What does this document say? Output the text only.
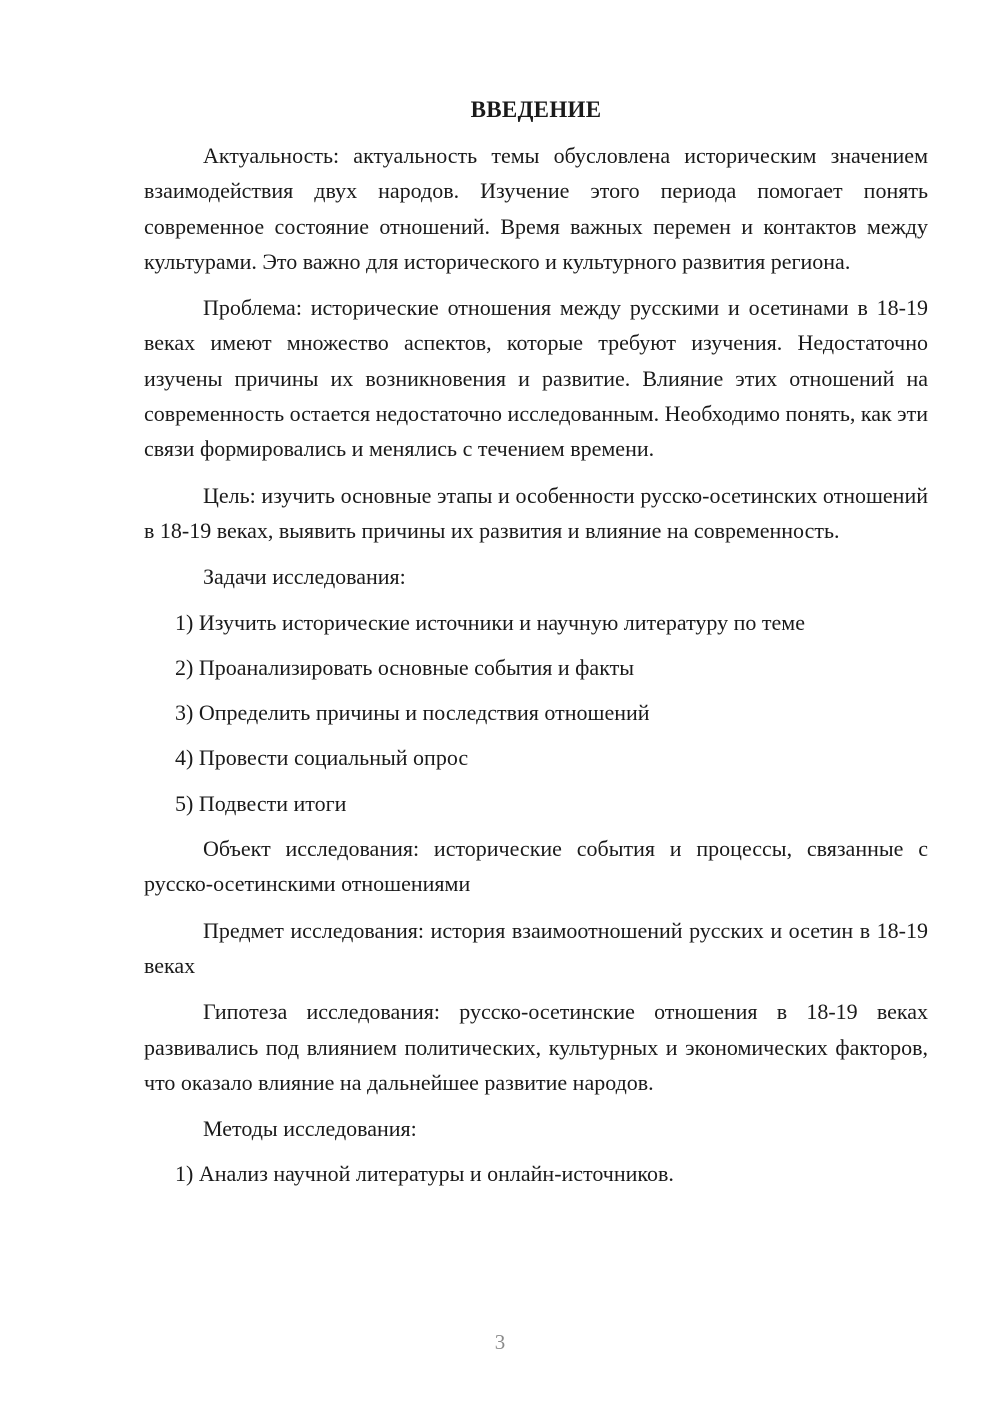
ВВЕДЕНИЕ

Актуальность: актуальность темы обусловлена историческим значением взаимодействия двух народов. Изучение этого периода помогает понять современное состояние отношений. Время важных перемен и контактов между культурами. Это важно для исторического и культурного развития региона.

Проблема: исторические отношения между русскими и осетинами в 18-19 веках имеют множество аспектов, которые требуют изучения. Недостаточно изучены причины их возникновения и развитие. Влияние этих отношений на современность остается недостаточно исследованным. Необходимо понять, как эти связи формировались и менялись с течением времени.

Цель: изучить основные этапы и особенности русско-осетинских отношений в 18-19 веках, выявить причины их развития и влияние на современность.

Задачи исследования:

1) Изучить исторические источники и научную литературу по теме

2) Проанализировать основные события и факты

3) Определить причины и последствия отношений

4) Провести социальный опрос

5) Подвести итоги

Объект исследования: исторические события и процессы, связанные с русско-осетинскими отношениями

Предмет исследования: история взаимоотношений русских и осетин в 18-19 веках

Гипотеза исследования: русско-осетинские отношения в 18-19 веках развивались под влиянием политических, культурных и экономических факторов, что оказало влияние на дальнейшее развитие народов.

Методы исследования:

1) Анализ научной литературы и онлайн-источников.

3
